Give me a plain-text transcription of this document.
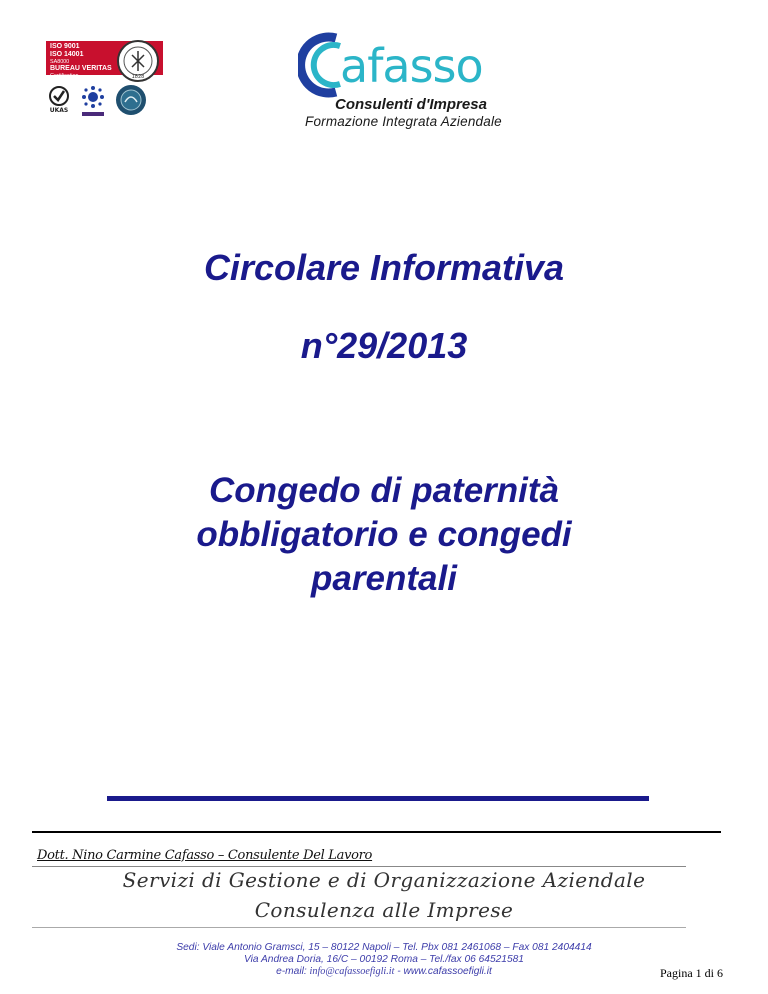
ISO 9001
ISO 14001
SA8000
BUREAU VERITAS
Certification	1828
UKAS
afasso
Consulenti d'Impresa
Formazione Integrata Aziendale
Circolare Informativa
n°29/2013
Congedo di paternità
obbligatorio e congedi
parentali
Dott. Nino Carmine Cafasso – Consulente Del Lavoro
Servizi di Gestione e di Organizzazione Aziendale
Consulenza alle Imprese
Sedi: Viale Antonio Gramsci, 15 – 80122 Napoli – Tel. Pbx 081 2461068 – Fax 081 2404414
Via Andrea Doria, 16/C – 00192 Roma – Tel./fax 06 64521581
e-mail: info@cafassoefigli.it - www.cafassoefigli.it	Pagina 1 di 6
